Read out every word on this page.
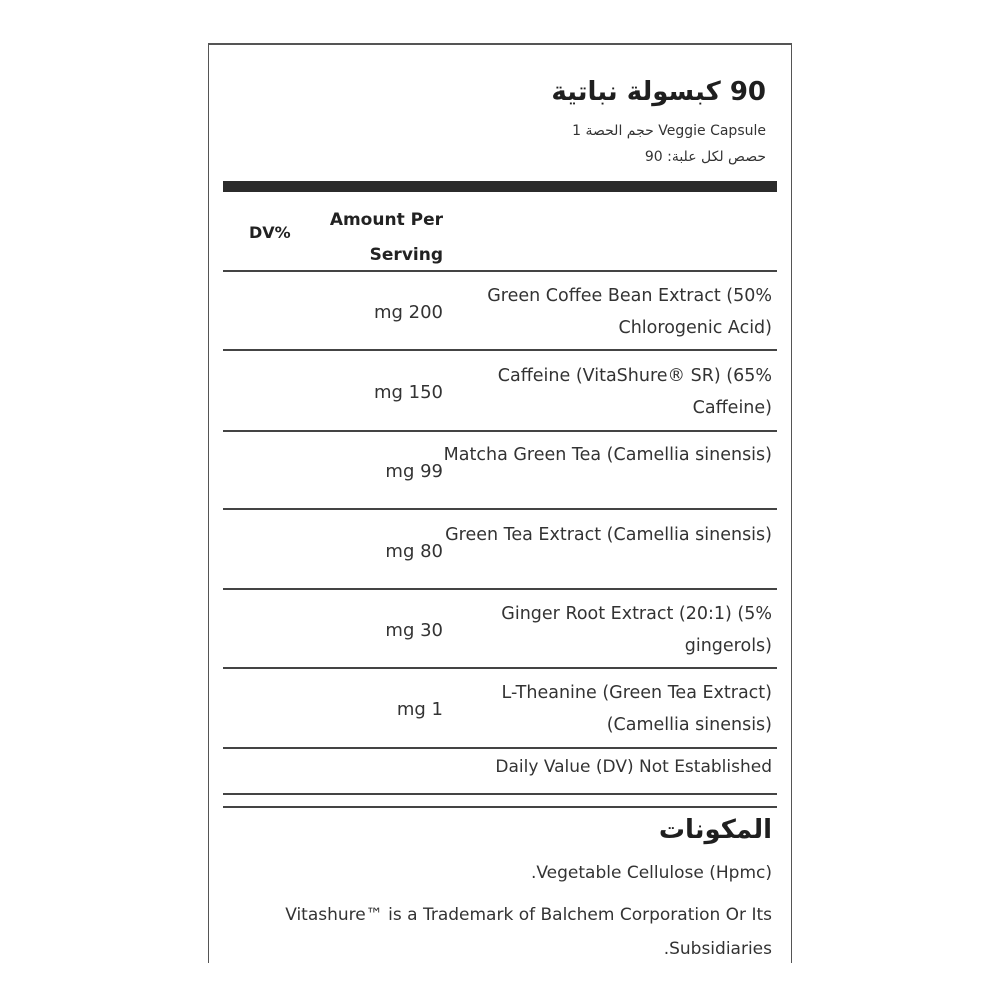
90 كبسولة نباتية
حجم الحصة 1 Veggie Capsule
حصص لكل علبة: 90
DV%
Amount Per
Serving
mg 200
Green Coffee Bean Extract (50% Chlorogenic Acid)
mg 150
Caffeine (VitaShure® SR) (65% Caffeine)
mg 99
Matcha Green Tea (Camellia sinensis)
mg 80
Green Tea Extract (Camellia sinensis)
mg 30
Ginger Root Extract (20:1) (5% gingerols)
mg 1
L-Theanine (Green Tea Extract) (Camellia sinensis)
Daily Value (DV) Not Established
المكونات
.Vegetable Cellulose (Hpmc)
Vitashure™ is a Trademark of Balchem Corporation Or Its .Subsidiaries
